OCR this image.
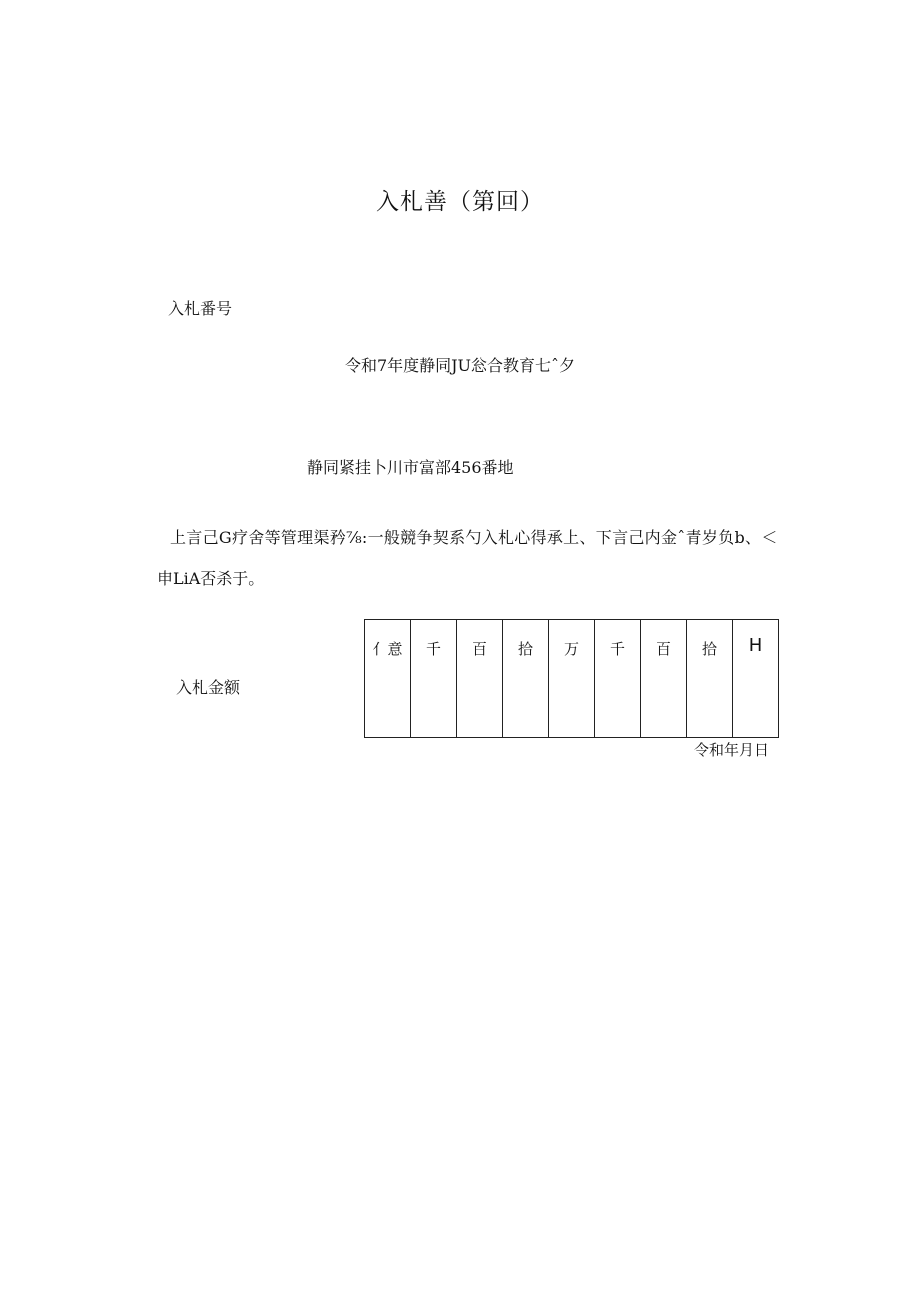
入札善（第回）
入札番号
令和7年度静同JU忩合教育七ˆ夕
静同紧挂卜川市富部456番地
上言己G疗舍等管理渠矜⅞:一般競争契系勺入札心得承上、下言己内金ˆ青岁负b、＜
申LiA否杀于。
入札金额
亻意	千	百	拾	万	千	百	拾	H
令和年月日
